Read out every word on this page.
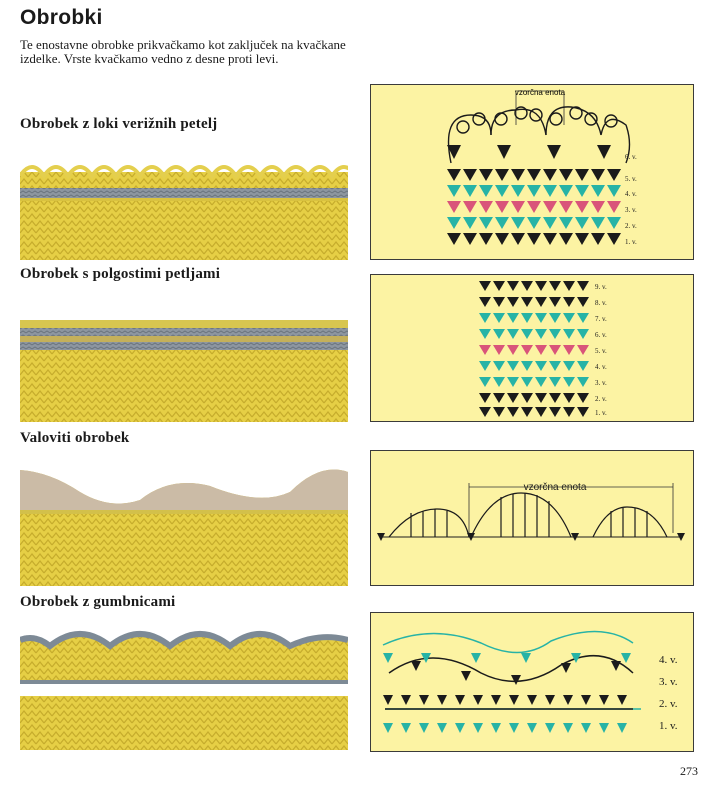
Obrobki
Te enostavne obrobke prikvačkamo kot zaključek na kvačkane izdelke. Vrste kvačkamo vedno z desne proti levi.
Obrobek z loki verižnih petelj
vzorčna enota
6. v.
5. v.
4. v.
3. v.
2. v.
1. v.
Obrobek s polgostimi petljami
9. v.
8. v.
7. v.
6. v.
5. v.
4. v.
3. v.
2. v.
1. v.
Valoviti obrobek
vzorčna enota
Obrobek z gumbnicami
4. v.
3. v.
2. v.
1. v.
273
